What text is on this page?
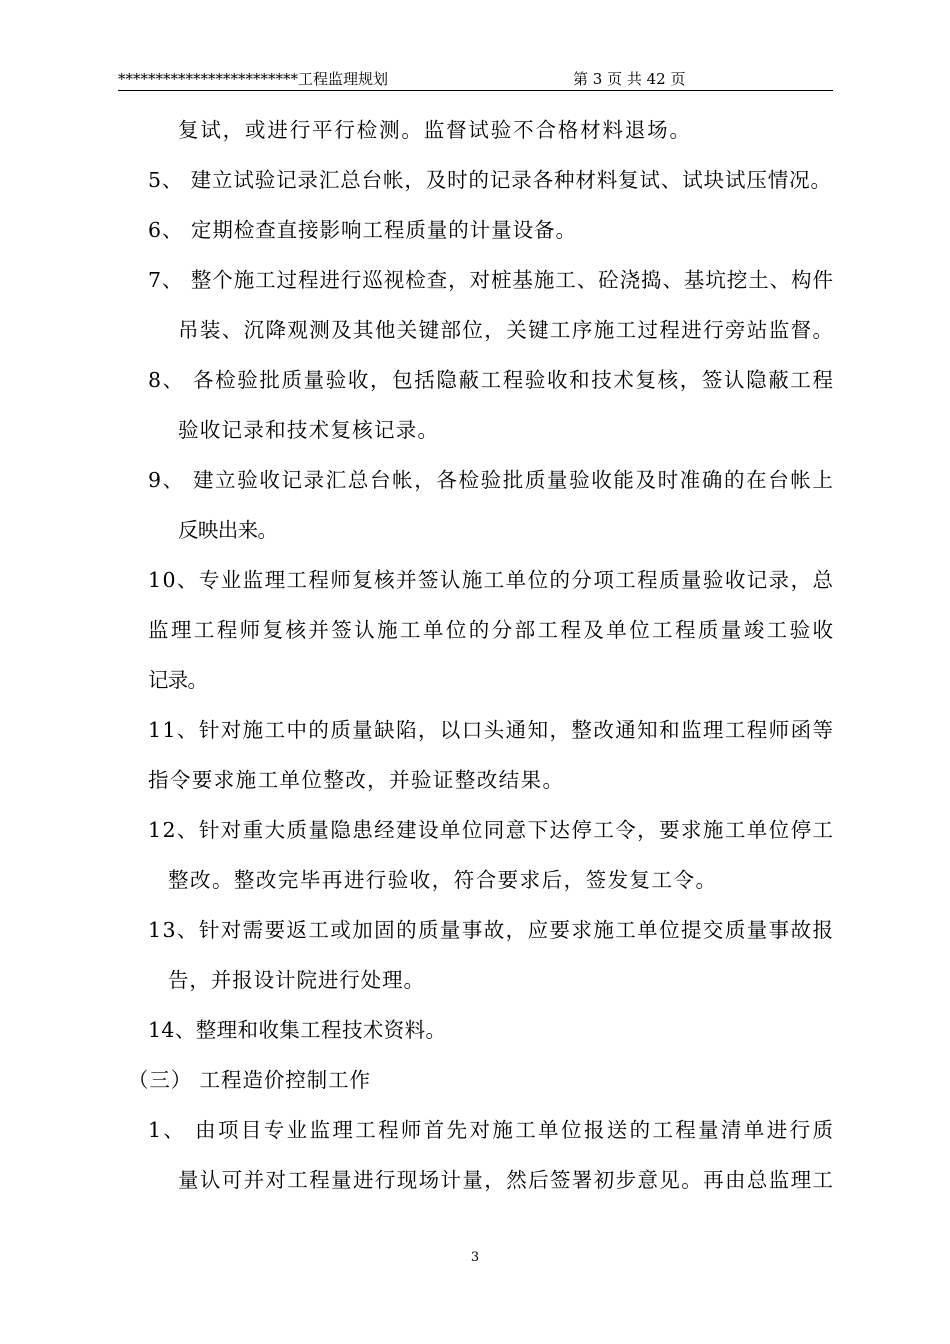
************************工程监理规划	第 3 页 共 42 页
复试，或进行平行检测。监督试验不合格材料退场。
5、 建立试验记录汇总台帐，及时的记录各种材料复试、试块试压情况。
6、 定期检查直接影响工程质量的计量设备。
7、 整个施工过程进行巡视检查，对桩基施工、砼浇捣、基坑挖土、构件
吊装、沉降观测及其他关键部位，关键工序施工过程进行旁站监督。
8、 各检验批质量验收，包括隐蔽工程验收和技术复核，签认隐蔽工程
验收记录和技术复核记录。
9、 建立验收记录汇总台帐，各检验批质量验收能及时准确的在台帐上
反映出来。
10、专业监理工程师复核并签认施工单位的分项工程质量验收记录，总
监理工程师复核并签认施工单位的分部工程及单位工程质量竣工验收
记录。
11、针对施工中的质量缺陷，以口头通知，整改通知和监理工程师函等
指令要求施工单位整改，并验证整改结果。
12、针对重大质量隐患经建设单位同意下达停工令，要求施工单位停工
整改。整改完毕再进行验收，符合要求后，签发复工令。
13、针对需要返工或加固的质量事故，应要求施工单位提交质量事故报
告，并报设计院进行处理。
14、整理和收集工程技术资料。
（三） 工程造价控制工作
1、 由项目专业监理工程师首先对施工单位报送的工程量清单进行质
量认可并对工程量进行现场计量，然后签署初步意见。再由总监理工
3
